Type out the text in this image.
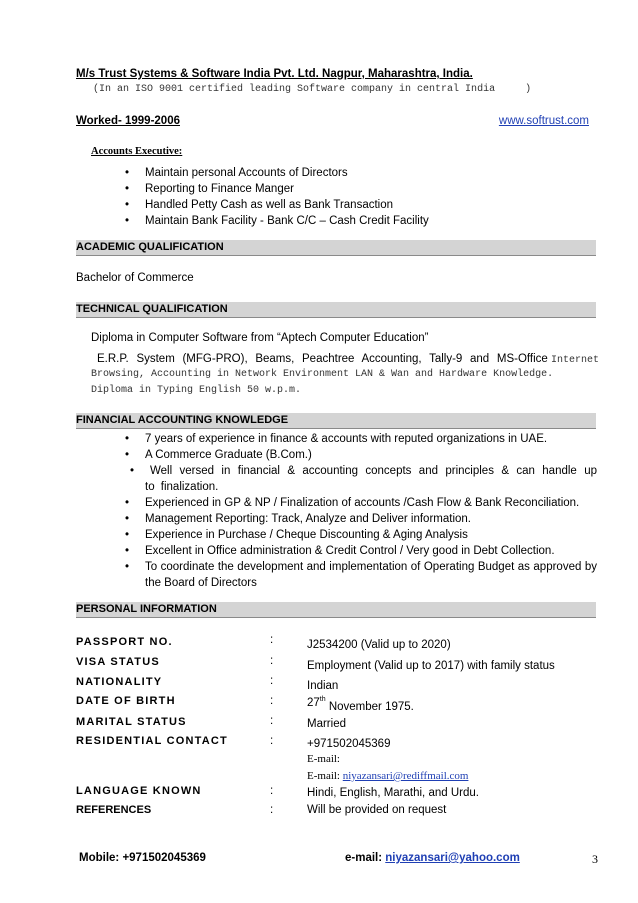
M/s Trust Systems & Software India Pvt. Ltd. Nagpur, Maharashtra, India.
(In an ISO 9001 certified leading Software company in central India     )
Worked- 1999-2006	www.softrust.com
Accounts Executive:
• Maintain personal Accounts of Directors
• Reporting to Finance Manger
• Handled Petty Cash as well as Bank Transaction
• Maintain Bank Facility - Bank C/C – Cash Credit Facility
ACADEMIC QUALIFICATION
Bachelor of Commerce
TECHNICAL QUALIFICATION
Diploma in Computer Software from “Aptech Computer Education”
E.R.P. System (MFG-PRO), Beams, Peachtree Accounting, Tally-9 and MS-Office Internet
Browsing, Accounting in Network Environment LAN & Wan and Hardware Knowledge.
Diploma in Typing English 50 w.p.m.
FINANCIAL ACCOUNTING KNOWLEDGE
• 7 years of experience in finance & accounts with reputed organizations in UAE.
• A Commerce Graduate (B.Com.)
• Well versed in financial & accounting concepts and principles & can handle up to finalization.
• Experienced in GP & NP / Finalization of accounts /Cash Flow & Bank Reconciliation.
• Management Reporting: Track, Analyze and Deliver information.
• Experience in Purchase / Cheque Discounting & Aging Analysis
• Excellent in Office administration & Credit Control / Very good in Debt Collection.
• To coordinate the development and implementation of Operating Budget as approved by the Board of Directors
PERSONAL INFORMATION
PASSPORT NO.	:	J2534200 (Valid up to 2020)
VISA STATUS	:	Employment (Valid up to 2017) with family status
NATIONALITY	:	Indian
DATE OF BIRTH	:	27th November 1975.
MARITAL STATUS	:	Married
RESIDENTIAL CONTACT	:	+971502045369
E-mail:
E-mail: niyazansari@rediffmail.com
LANGUAGE KNOWN	:	Hindi, English, Marathi, and Urdu.
REFERENCES	:	Will be provided on request
Mobile: +971502045369	e-mail: niyazansari@yahoo.com	3
